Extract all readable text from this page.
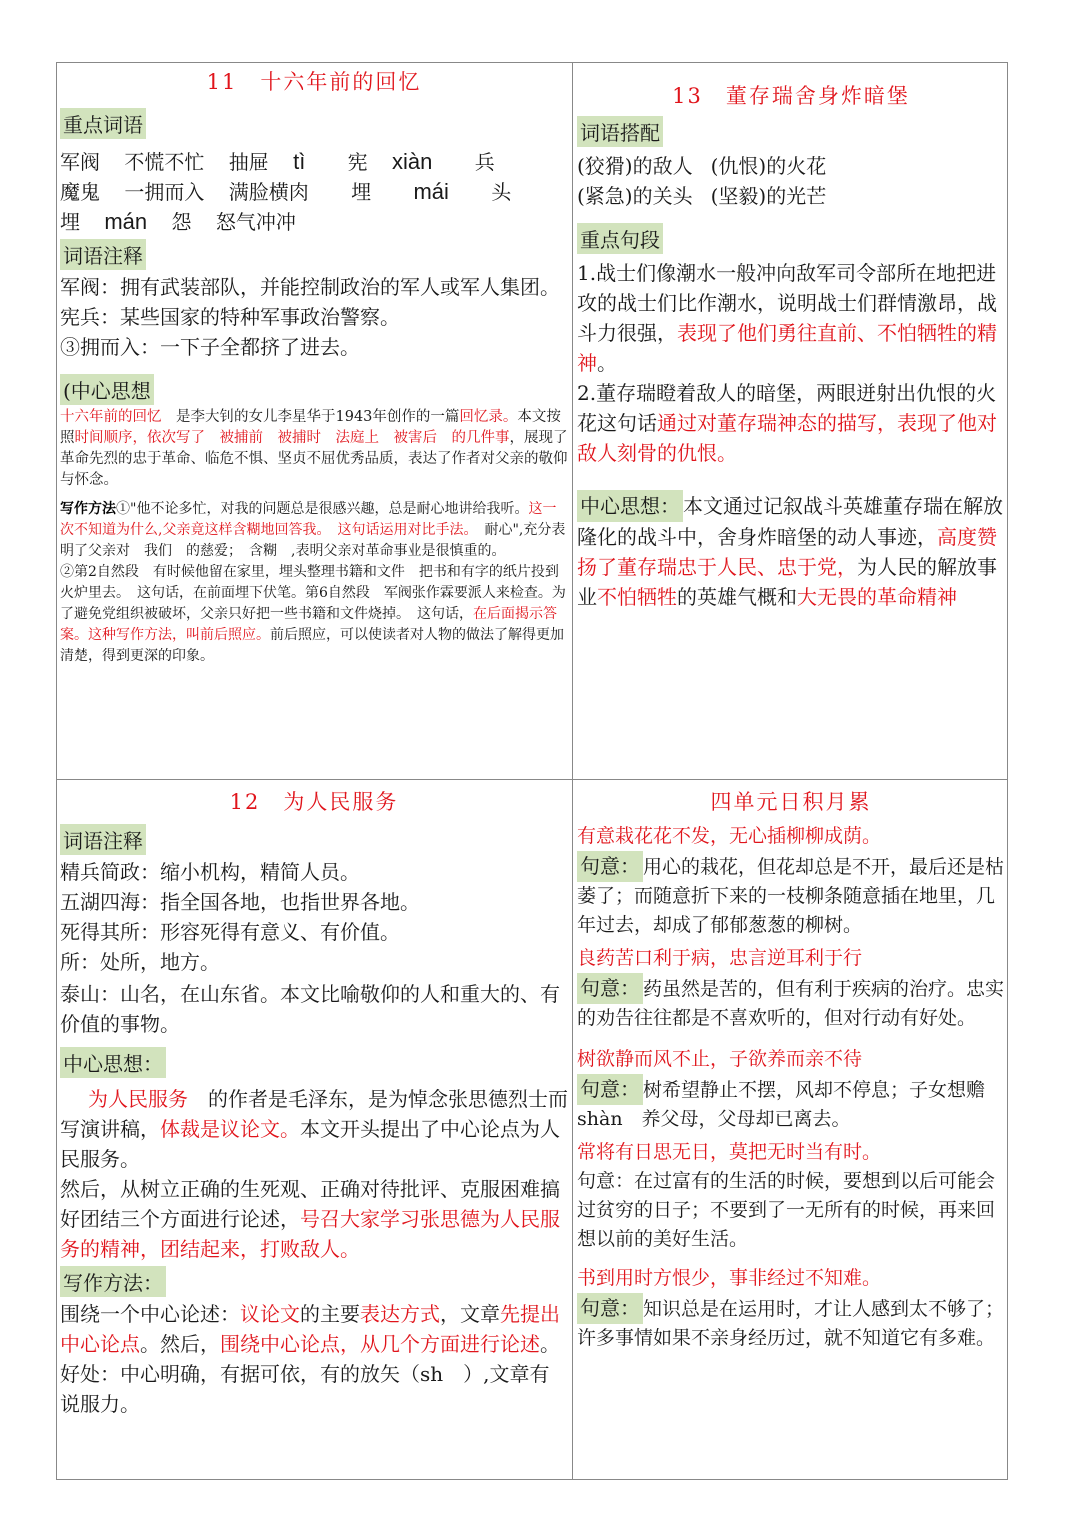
11　十六年前的回忆
重点词语
军阀 不慌不忙 抽屉 tì 宪 xiàn 兵
魔鬼 一拥而入 满脸横肉 埋 mái 头
埋 mán 怨 怒气冲冲
词语注释

军阀：拥有武装部队，并能控制政治的军人或军人集团。

宪兵：某些国家的特种军事政治警察。

③拥而入：一下子全都挤了进去。

(中心思想

十六年前的回忆　是李大钊的女儿李星华于1943年创作的一篇回忆录。本文按照时间顺序，依次写了　被捕前　被捕时　法庭上　被害后　的几件事，展现了革命先烈的忠于革命、临危不惧、坚贞不屈优秀品质，表达了作者对父亲的敬仰与怀念。

写作方法①"他不论多忙，对我的问题总是很感兴趣，总是耐心地讲给我听。这一次不知道为什么,父亲竟这样含糊地回答我。　这句话运用对比手法。　耐心",充分表明了父亲对　我们　的慈爱；　含糊　,表明父亲对革命事业是很慎重的。
②第2自然段　有时候他留在家里，埋头整理书籍和文件　把书和有字的纸片投到火炉里去。　这句话，在前面埋下伏笔。第6自然段　军阀张作霖要派人来检查。为了避免党组织被破坏，父亲只好把一些书籍和文件烧掉。　这句话，在后面揭示答案。这种写作方法，叫前后照应。前后照应，可以使读者对人物的做法了解得更加清楚，得到更深的印象。

13　董存瑞舍身炸暗堡
词语搭配
(狡猾)的敌人 (仇恨)的火花
(紧急)的关头 (坚毅)的光芒
重点句段

1.战士们像潮水一般冲向敌军司令部所在地把进攻的战士们比作潮水，说明战士们群情激昂，战斗力很强，表现了他们勇往直前、不怕牺牲的精神。

2.董存瑞瞪着敌人的暗堡，两眼迸射出仇恨的火花这句话通过对董存瑞神态的描写，表现了他对敌人刻骨的仇恨。

中心思想： 本文通过记叙战斗英雄董存瑞在解放隆化的战斗中，舍身炸暗堡的动人事迹，高度赞扬了董存瑞忠于人民、忠于党，为人民的解放事业不怕牺牲的英雄气概和大无畏的革命精神

12　为人民服务
词语注释

精兵简政：缩小机构，精简人员。

五湖四海：指全国各地，也指世界各地。

死得其所：形容死得有意义、有价值。

所：处所，地方。

泰山：山名，在山东省。本文比喻敬仰的人和重大的、有价值的事物。

中心思想：

为人民服务　的作者是毛泽东，是为悼念张思德烈士而写演讲稿，体裁是议论文。本文开头提出了中心论点为人民服务。

然后，从树立正确的生死观、正确对待批评、克服困难搞好团结三个方面进行论述，号召大家学习张思德为人民服务的精神，团结起来，打败敌人。

写作方法：

围绕一个中心论述：议论文的主要表达方式，文章先提出中心论点。然后，围绕中心论点，从几个方面进行论述。好处：中心明确，有据可依，有的放矢（sh　）,文章有说服力。

四单元日积月累

有意栽花花不发，无心插柳柳成荫。

句意： 用心的栽花，但花却总是不开，最后还是枯萎了；而随意折下来的一枝柳条随意插在地里，几年过去，却成了郁郁葱葱的柳树。

良药苦口利于病，忠言逆耳利于行

句意： 药虽然是苦的，但有利于疾病的治疗。忠实的劝告往往都是不喜欢听的，但对行动有好处。

树欲静而风不止，子欲养而亲不待

句意： 树希望静止不摆，风却不停息；子女想赡　shàn　养父母，父母却已离去。

常将有日思无日，莫把无时当有时。

句意：在过富有的生活的时候，要想到以后可能会过贫穷的日子；不要到了一无所有的时候，再来回想以前的美好生活。

书到用时方恨少，事非经过不知难。

句意： 知识总是在运用时，才让人感到太不够了；许多事情如果不亲身经历过，就不知道它有多难。
